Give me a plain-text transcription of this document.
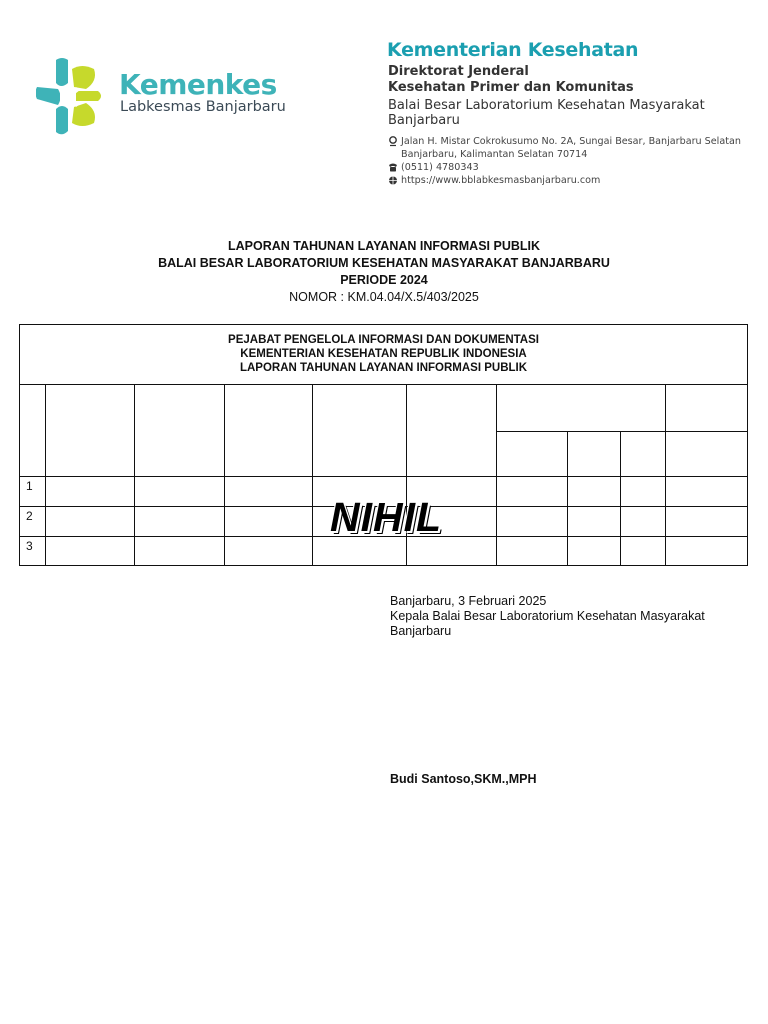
Kemenkes
Labkesmas Banjarbaru
Kementerian Kesehatan
Direktorat Jenderal
Kesehatan Primer dan Komunitas
Balai Besar Laboratorium Kesehatan Masyarakat
Banjarbaru
Jalan H. Mistar Cokrokusumo No. 2A, Sungai Besar, Banjarbaru Selatan
Banjarbaru, Kalimantan Selatan 70714
(0511) 4780343
https://www.bblabkesmasbanjarbaru.com
LAPORAN TAHUNAN LAYANAN INFORMASI PUBLIK
BALAI BESAR LABORATORIUM KESEHATAN MASYARAKAT BANJARBARU
PERIODE 2024
NOMOR : KM.04.04/X.5/403/2025
PEJABAT PENGELOLA INFORMASI DAN DOKUMENTASI
KEMENTERIAN KESEHATAN REPUBLIK INDONESIA
LAPORAN TAHUNAN LAYANAN INFORMASI PUBLIK
1
2
3
NIHIL
Banjarbaru, 3 Februari 2025
Kepala Balai Besar Laboratorium Kesehatan Masyarakat
Banjarbaru
Budi Santoso,SKM.,MPH
